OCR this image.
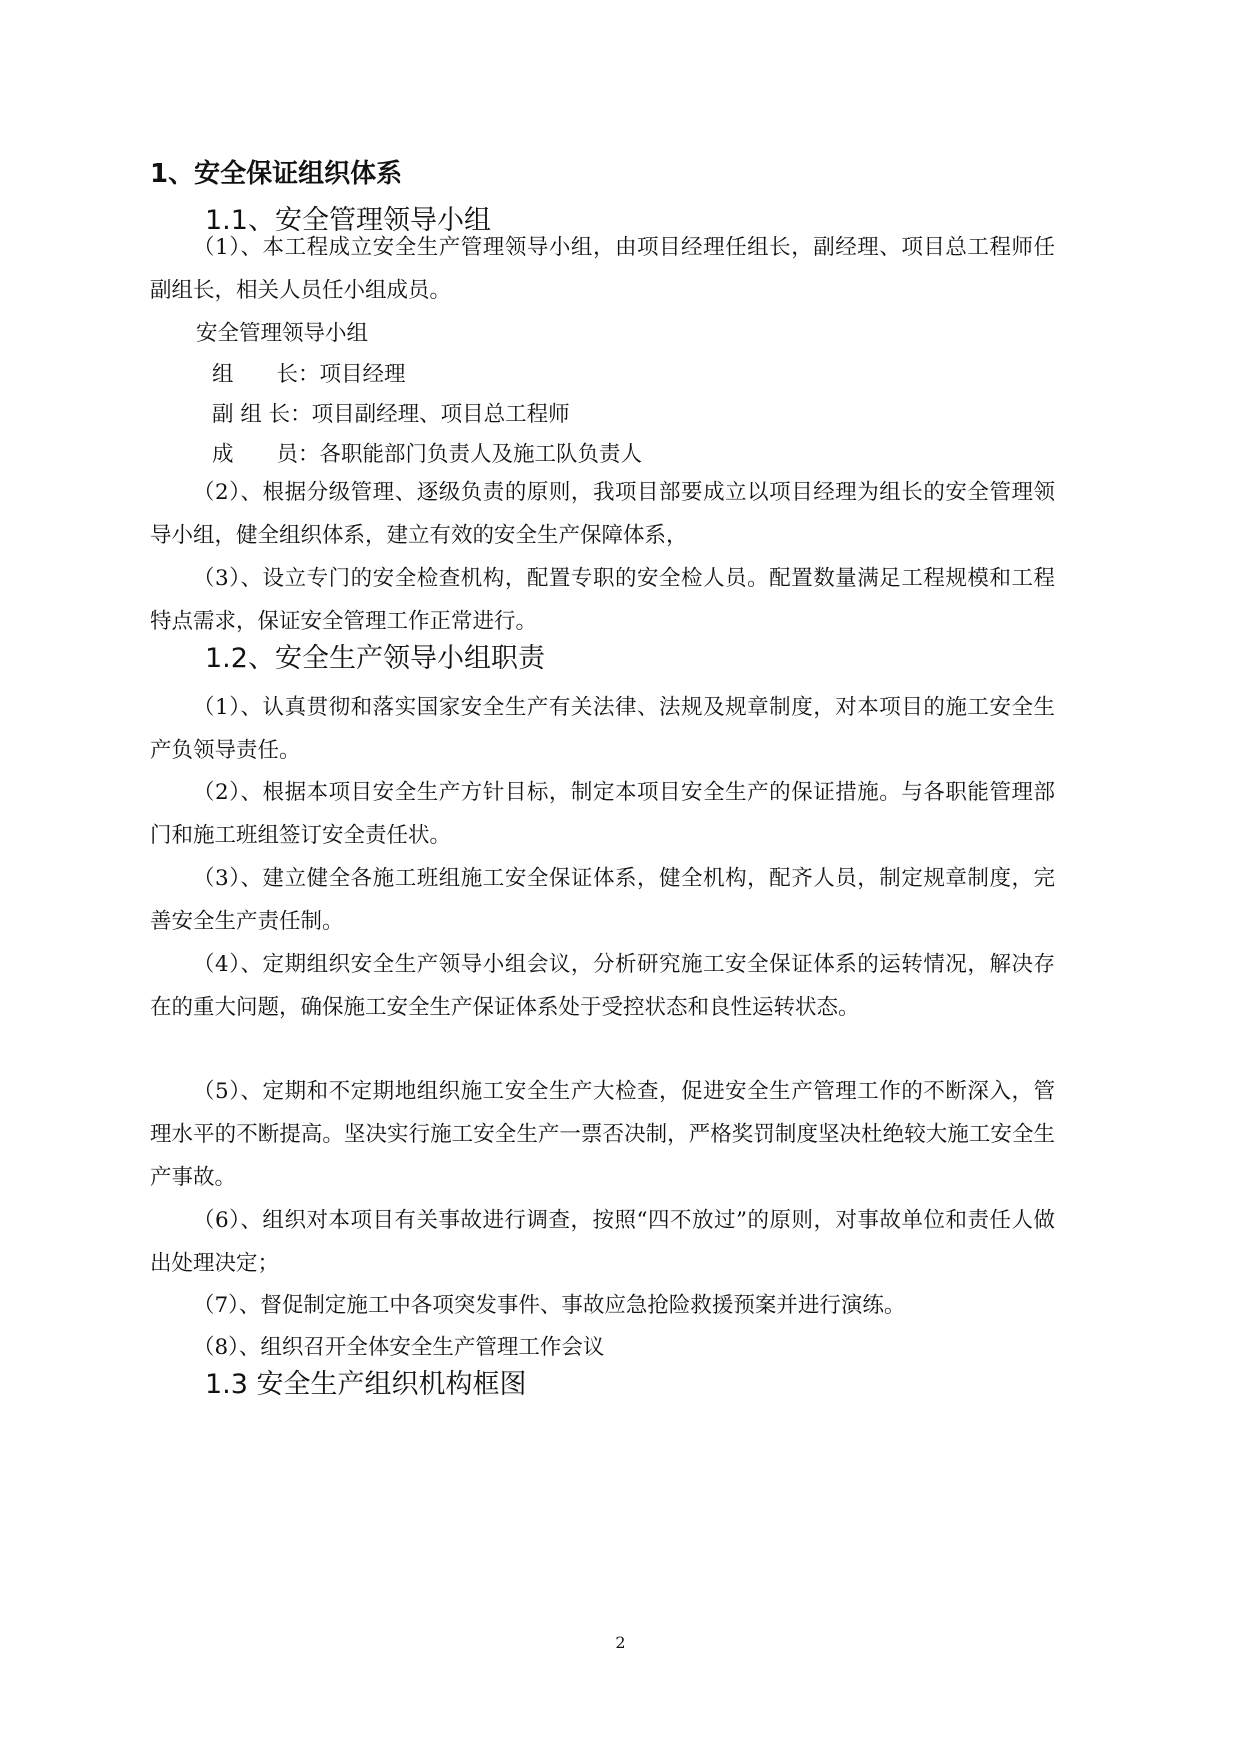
1、安全保证组织体系
1.1、安全管理领导小组
（1）、本工程成立安全生产管理领导小组，由项目经理任组长，副经理、项目总工程师任副组长，相关人员任小组成员。
安全管理领导小组
组　　长：项目经理
副 组 长：项目副经理、项目总工程师
成　　员：各职能部门负责人及施工队负责人
（2）、根据分级管理、逐级负责的原则，我项目部要成立以项目经理为组长的安全管理领导小组，健全组织体系，建立有效的安全生产保障体系，
（3）、设立专门的安全检查机构，配置专职的安全检人员。配置数量满足工程规模和工程特点需求，保证安全管理工作正常进行。
1.2、安全生产领导小组职责
（1）、认真贯彻和落实国家安全生产有关法律、法规及规章制度，对本项目的施工安全生产负领导责任。
（2）、根据本项目安全生产方针目标，制定本项目安全生产的保证措施。与各职能管理部门和施工班组签订安全责任状。
（3）、建立健全各施工班组施工安全保证体系，健全机构，配齐人员，制定规章制度，完善安全生产责任制。
（4）、定期组织安全生产领导小组会议，分析研究施工安全保证体系的运转情况，解决存在的重大问题，确保施工安全生产保证体系处于受控状态和良性运转状态。
（5）、定期和不定期地组织施工安全生产大检查，促进安全生产管理工作的不断深入，管理水平的不断提高。坚决实行施工安全生产一票否决制，严格奖罚制度坚决杜绝较大施工安全生产事故。
（6）、组织对本项目有关事故进行调查，按照“四不放过”的原则，对事故单位和责任人做出处理决定；
（7）、督促制定施工中各项突发事件、事故应急抢险救援预案并进行演练。
（8）、组织召开全体安全生产管理工作会议
1.3 安全生产组织机构框图
2
